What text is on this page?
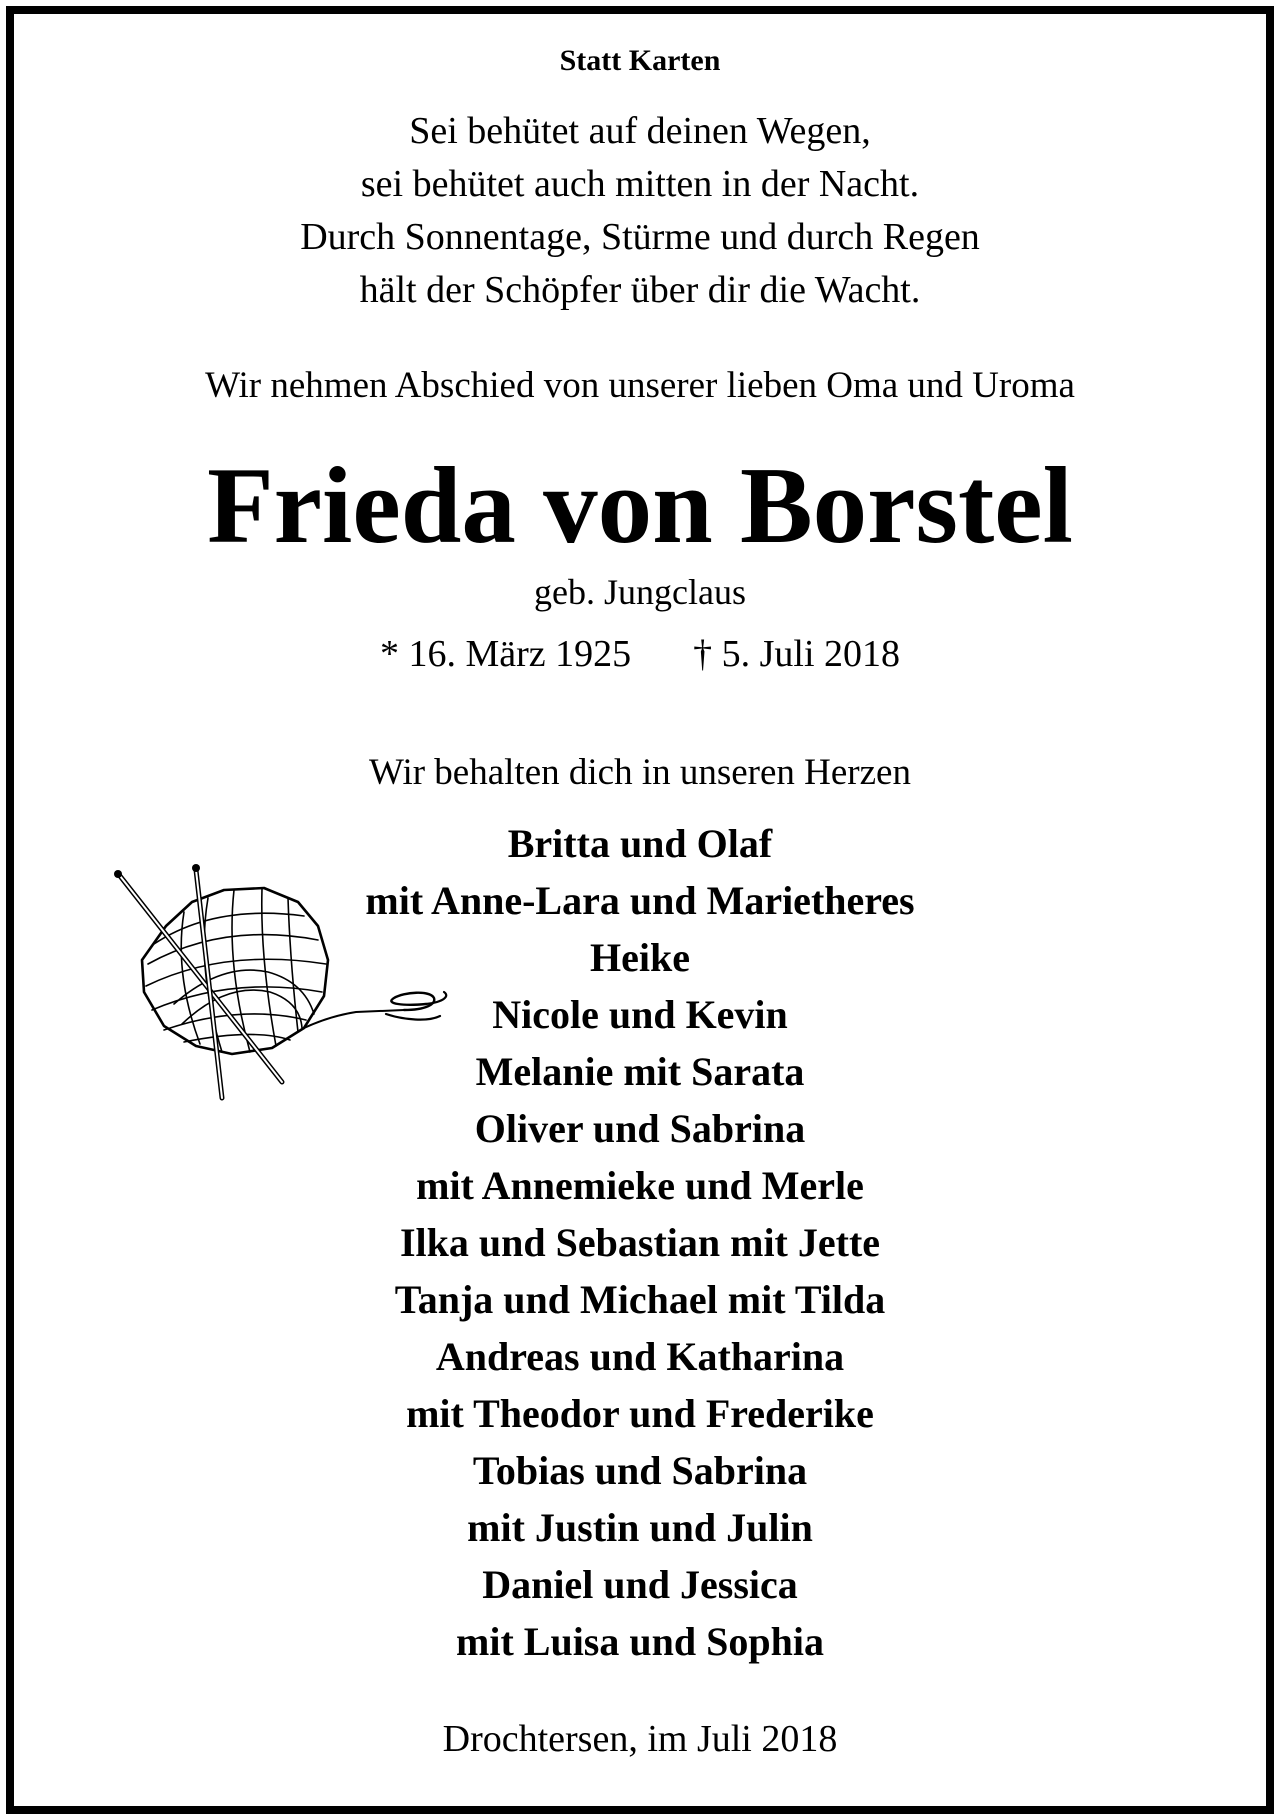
Statt Karten
Sei behütet auf deinen Wegen,
sei behütet auch mitten in der Nacht.
Durch Sonnentage, Stürme und durch Regen
hält der Schöpfer über dir die Wacht.
Wir nehmen Abschied von unserer lieben Oma und Uroma
Frieda von Borstel
geb. Jungclaus
* 16. März 1925 † 5. Juli 2018
Wir behalten dich in unseren Herzen
Britta und Olaf
mit Anne-Lara und Marietheres
Heike
Nicole und Kevin
Melanie mit Sarata
Oliver und Sabrina
mit Annemieke und Merle
Ilka und Sebastian mit Jette
Tanja und Michael mit Tilda
Andreas und Katharina
mit Theodor und Frederike
Tobias und Sabrina
mit Justin und Julin
Daniel und Jessica
mit Luisa und Sophia
Drochtersen, im Juli 2018
